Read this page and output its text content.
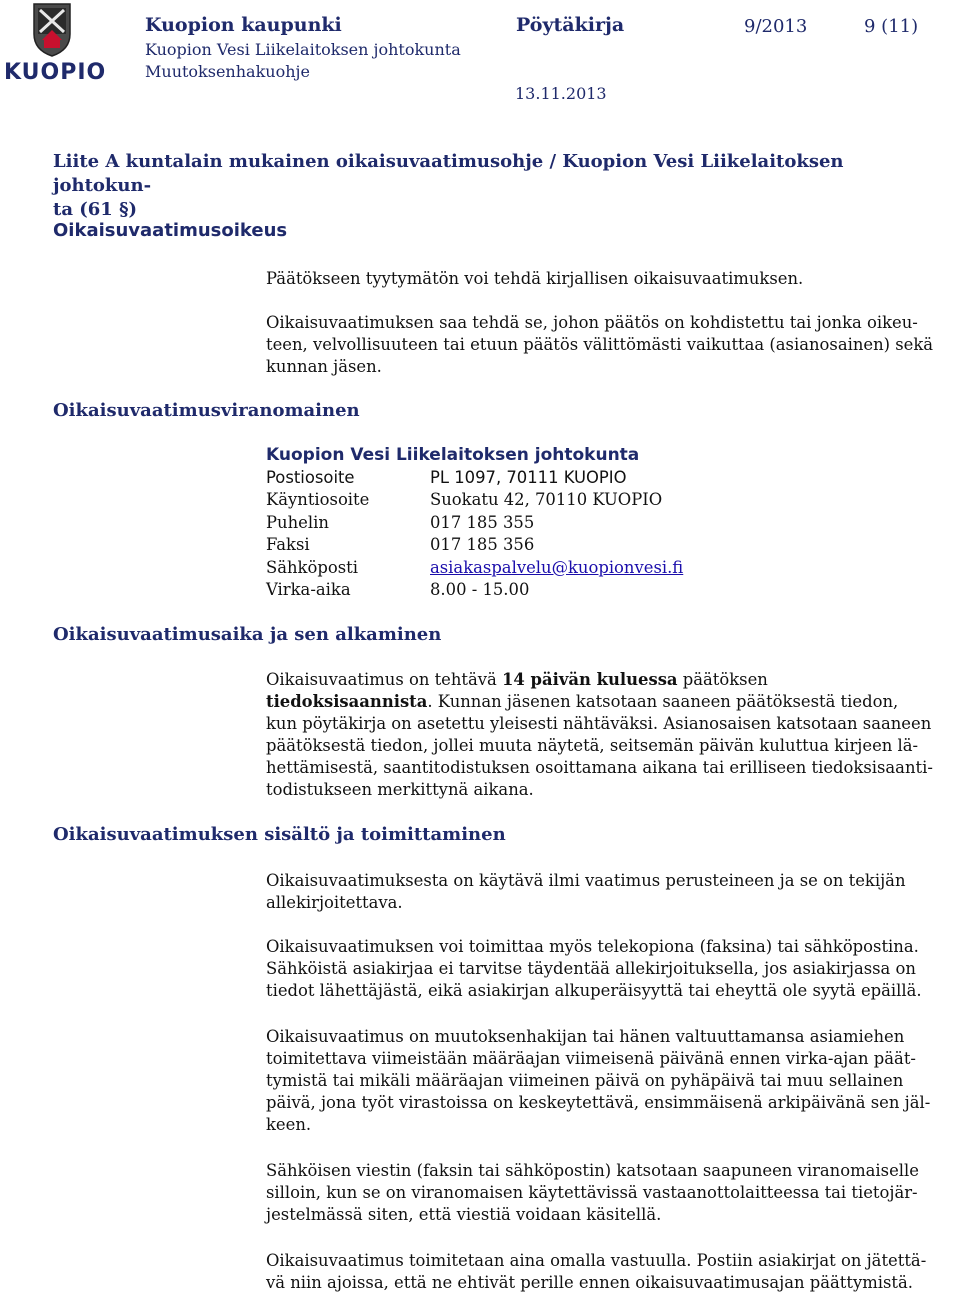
KUOPIO
Kuopion kaupunki
Kuopion Vesi Liikelaitoksen johtokunta
Muutoksenhakuohje
Pöytäkirja	9/2013	9 (11)
13.11.2013
Liite A kuntalain mukainen oikaisuvaatimusohje / Kuopion Vesi Liikelaitoksen johtokun-
ta (61 §)
Oikaisuvaatimusoikeus

Päätökseen tyytymätön voi tehdä kirjallisen oikaisuvaatimuksen.

Oikaisuvaatimuksen saa tehdä se, johon päätös on kohdistettu tai jonka oikeu-
teen, velvollisuuteen tai etuun päätös välittömästi vaikuttaa (asianosainen) sekä
kunnan jäsen.

Oikaisuvaatimusviranomainen
Kuopion Vesi Liikelaitoksen johtokunta
Postiosoite	PL 1097, 70111 KUOPIO
Käyntiosoite	Suokatu 42, 70110 KUOPIO
Puhelin	017 185 355
Faksi	017 185 356
Sähköposti	asiakaspalvelu@kuopionvesi.fi
Virka-aika	8.00 - 15.00
Oikaisuvaatimusaika ja sen alkaminen

Oikaisuvaatimus on tehtävä 14 päivän kuluessa päätöksen
tiedoksisaannista. Kunnan jäsenen katsotaan saaneen päätöksestä tiedon,
kun pöytäkirja on asetettu yleisesti nähtäväksi. Asianosaisen katsotaan saaneen
päätöksestä tiedon, jollei muuta näytetä, seitsemän päivän kuluttua kirjeen lä-
hettämisestä, saantitodistuksen osoittamana aikana tai erilliseen tiedoksisaanti-
todistukseen merkittynä aikana.

Oikaisuvaatimuksen sisältö ja toimittaminen

Oikaisuvaatimuksesta on käytävä ilmi vaatimus perusteineen ja se on tekijän
allekirjoitettava.

Oikaisuvaatimuksen voi toimittaa myös telekopiona (faksina) tai sähköpostina.
Sähköistä asiakirjaa ei tarvitse täydentää allekirjoituksella, jos asiakirjassa on
tiedot lähettäjästä, eikä asiakirjan alkuperäisyyttä tai eheyttä ole syytä epäillä.

Oikaisuvaatimus on muutoksenhakijan tai hänen valtuuttamansa asiamiehen
toimitettava viimeistään määräajan viimeisenä päivänä ennen virka-ajan päät-
tymistä tai mikäli määräajan viimeinen päivä on pyhäpäivä tai muu sellainen
päivä, jona työt virastoissa on keskeytettävä, ensimmäisenä arkipäivänä sen jäl-
keen.

Sähköisen viestin (faksin tai sähköpostin) katsotaan saapuneen viranomaiselle
silloin, kun se on viranomaisen käytettävissä vastaanottolaitteessa tai tietojär-
jestelmässä siten, että viestiä voidaan käsitellä.

Oikaisuvaatimus toimitetaan aina omalla vastuulla. Postiin asiakirjat on jätettä-
vä niin ajoissa, että ne ehtivät perille ennen oikaisuvaatimusajan päättymistä.
